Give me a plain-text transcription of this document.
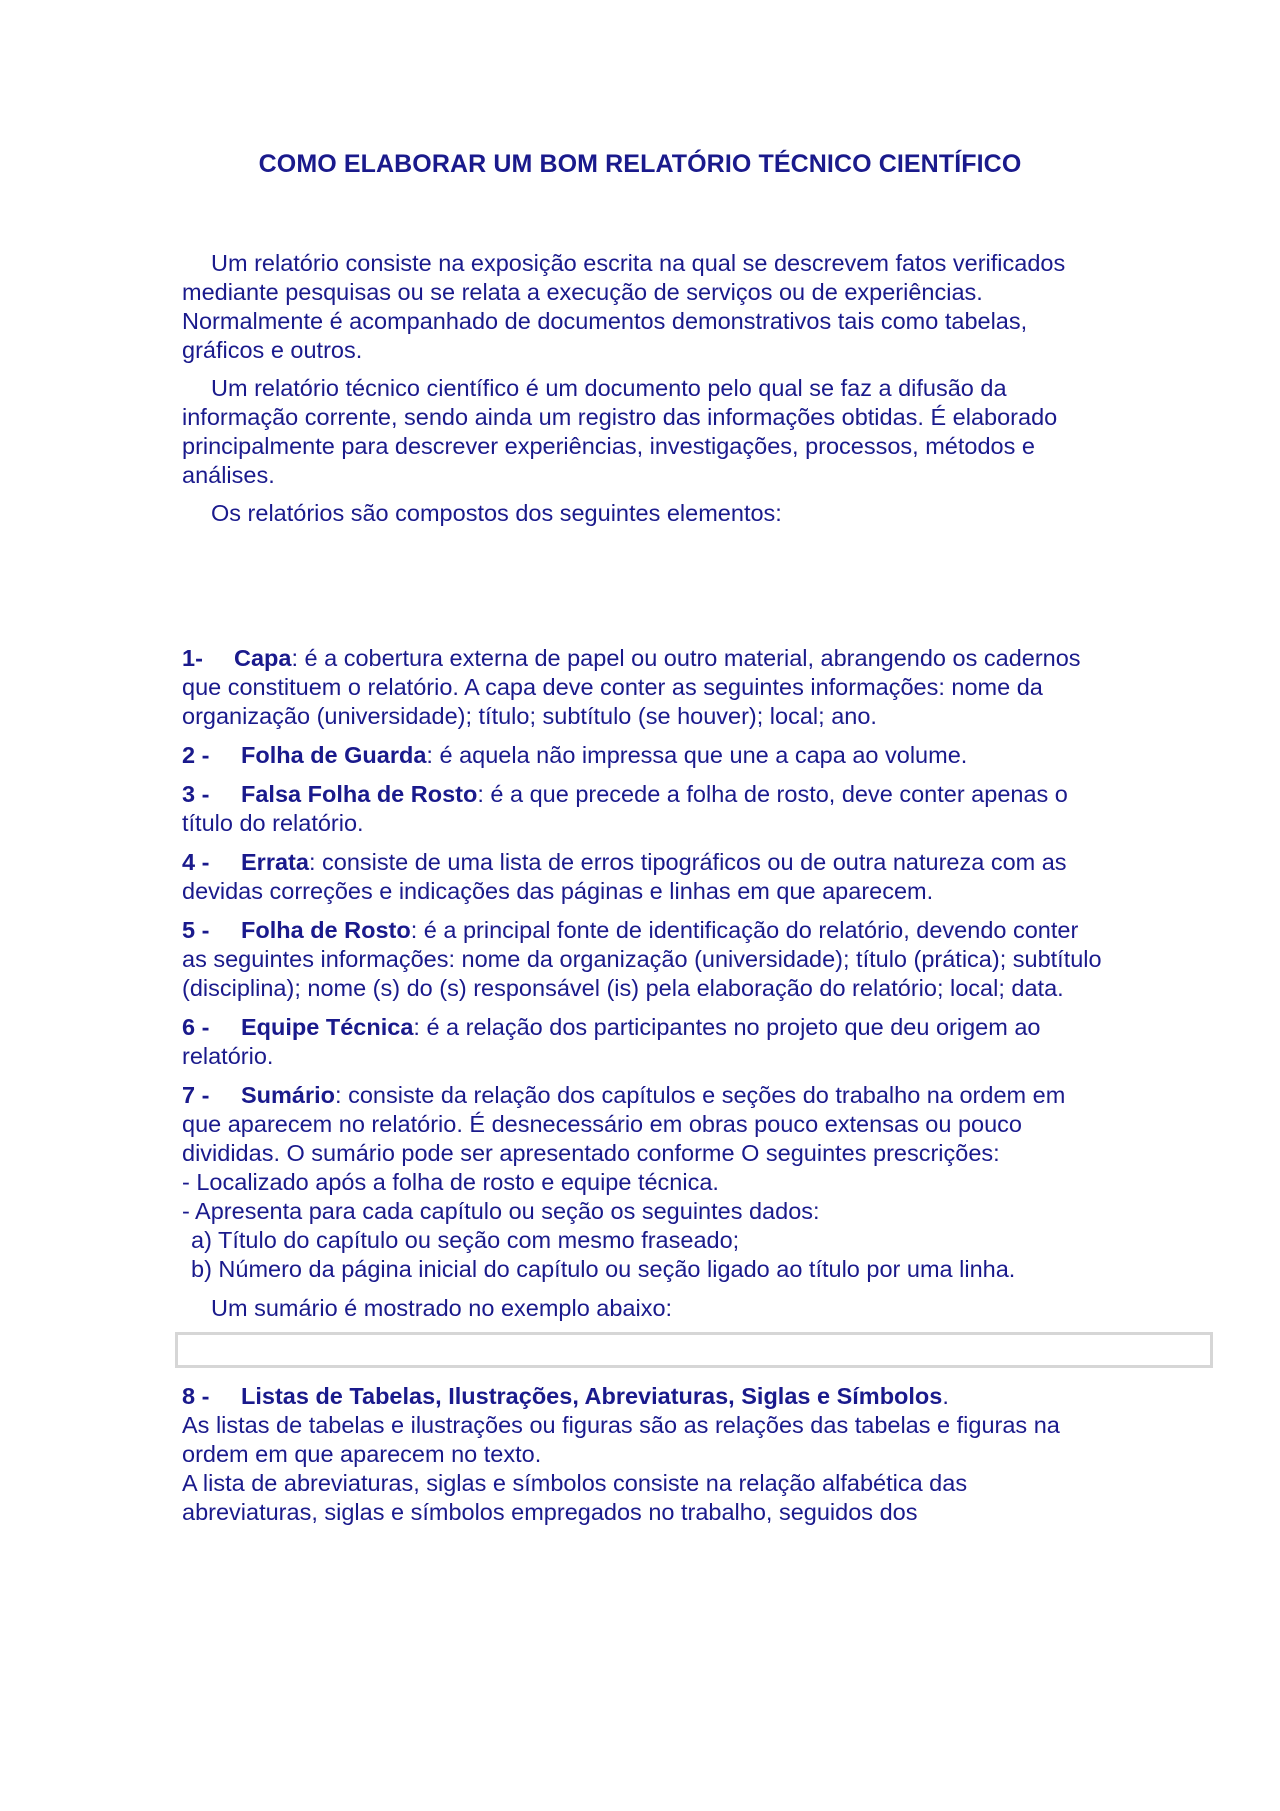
COMO ELABORAR UM BOM RELATÓRIO TÉCNICO CIENTÍFICO

Um relatório consiste na exposição escrita na qual se descrevem fatos verificados mediante pesquisas ou se relata a execução de serviços ou de experiências. Normalmente é acompanhado de documentos demonstrativos tais como tabelas, gráficos e outros.

Um relatório técnico científico é um documento pelo qual se faz a difusão da informação corrente, sendo ainda um registro das informações obtidas. É elaborado principalmente para descrever experiências, investigações, processos, métodos e análises.

Os relatórios são compostos dos seguintes elementos:

1- Capa: é a cobertura externa de papel ou outro material, abrangendo os cadernos que constituem o relatório. A capa deve conter as seguintes informações: nome da organização (universidade); título; subtítulo (se houver); local; ano.

2 - Folha de Guarda: é aquela não impressa que une a capa ao volume.

3 - Falsa Folha de Rosto: é a que precede a folha de rosto, deve conter apenas o título do relatório.

4 - Errata: consiste de uma lista de erros tipográficos ou de outra natureza com as devidas correções e indicações das páginas e linhas em que aparecem.

5 - Folha de Rosto: é a principal fonte de identificação do relatório, devendo conter as seguintes informações: nome da organização (universidade); título (prática); subtítulo (disciplina); nome (s) do (s) responsável (is) pela elaboração do relatório; local; data.

6 - Equipe Técnica: é a relação dos participantes no projeto que deu origem ao relatório.

7 - Sumário: consiste da relação dos capítulos e seções do trabalho na ordem em que aparecem no relatório. É desnecessário em obras pouco extensas ou pouco divididas. O sumário pode ser apresentado conforme O seguintes prescrições:
- Localizado após a folha de rosto e equipe técnica.
- Apresenta para cada capítulo ou seção os seguintes dados:
a) Título do capítulo ou seção com mesmo fraseado;
b) Número da página inicial do capítulo ou seção ligado ao título por uma linha.

Um sumário é mostrado no exemplo abaixo:

8 - Listas de Tabelas, Ilustrações, Abreviaturas, Siglas e Símbolos.
As listas de tabelas e ilustrações ou figuras são as relações das tabelas e figuras na ordem em que aparecem no texto.
A lista de abreviaturas, siglas e símbolos consiste na relação alfabética das abreviaturas, siglas e símbolos empregados no trabalho, seguidos dos
